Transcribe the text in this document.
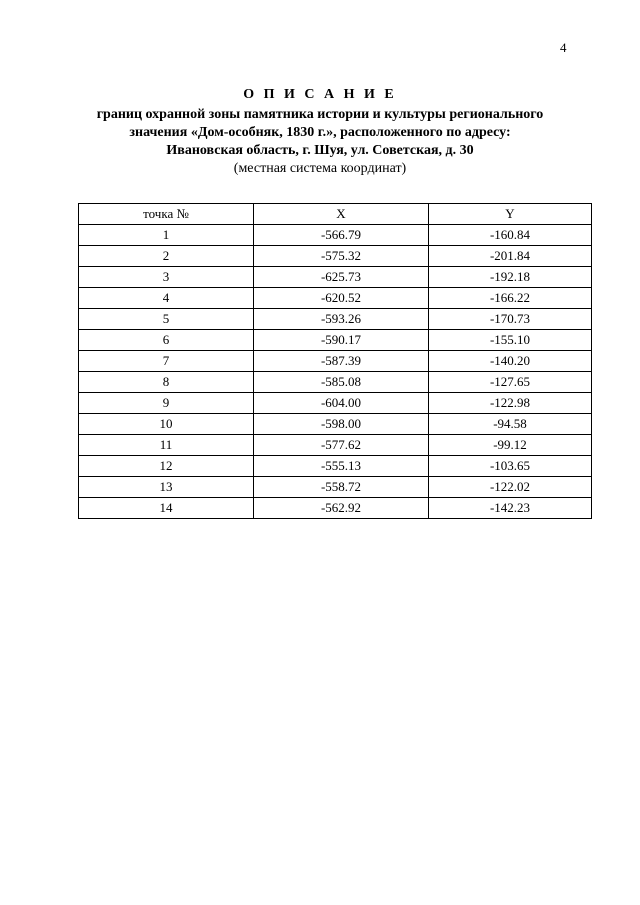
4
О П И С А Н И Е
границ охранной зоны памятника истории и культуры регионального
значения «Дом-особняк, 1830 г.», расположенного по адресу:
Ивановская область, г. Шуя, ул. Советская, д. 30
(местная система координат)
точка №	X	Y
1	-566.79	-160.84
2	-575.32	-201.84
3	-625.73	-192.18
4	-620.52	-166.22
5	-593.26	-170.73
6	-590.17	-155.10
7	-587.39	-140.20
8	-585.08	-127.65
9	-604.00	-122.98
10	-598.00	-94.58
11	-577.62	-99.12
12	-555.13	-103.65
13	-558.72	-122.02
14	-562.92	-142.23
